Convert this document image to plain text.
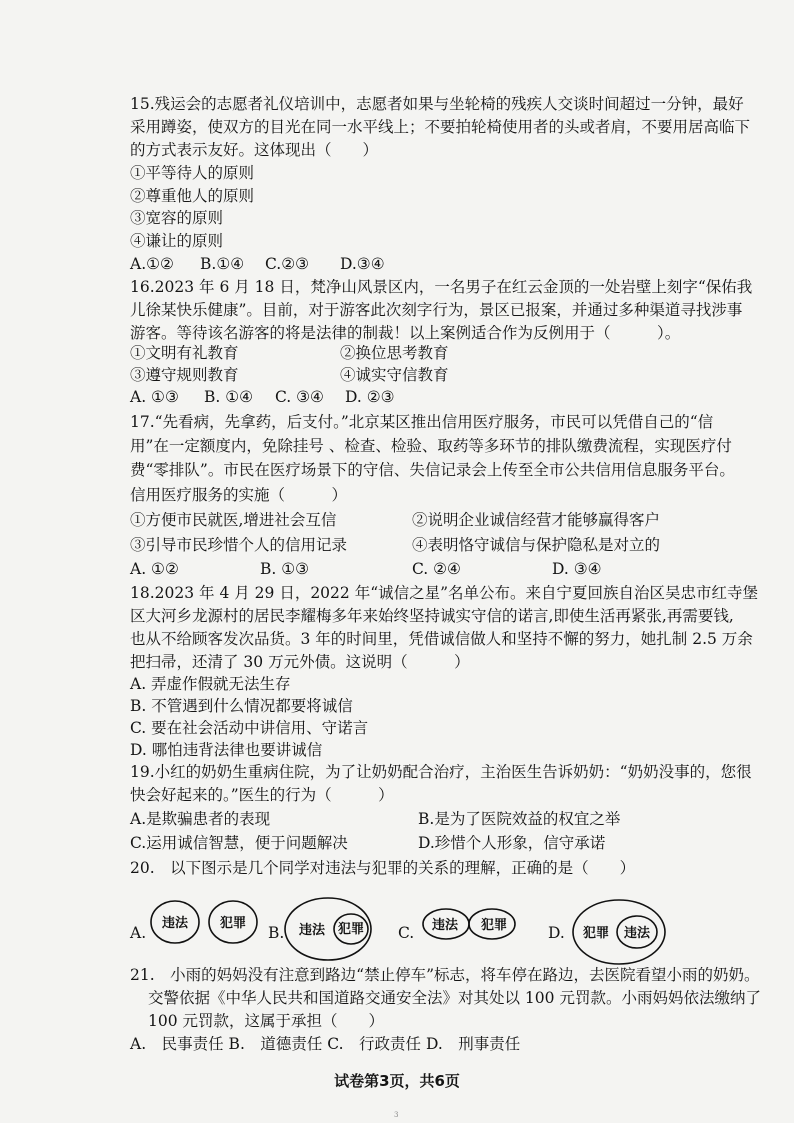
15.残运会的志愿者礼仪培训中，志愿者如果与坐轮椅的残疾人交谈时间超过一分钟，最好
采用蹲姿，使双方的目光在同一水平线上；不要拍轮椅使用者的头或者肩，不要用居高临下
的方式表示友好。这体现出（　　）
①平等待人的原则
②尊重他人的原则
③宽容的原则
④谦让的原则
A.①② B.①④ C.②③ D.③④
16.2023 年 6 月 18 日，梵净山风景区内，一名男子在红云金顶的一处岩壁上刻字“保佑我
儿徐某快乐健康”。目前，对于游客此次刻字行为，景区已报案，并通过多种渠道寻找涉事
游客。等待该名游客的将是法律的制裁！以上案例适合作为反例用于（　　　）。
①文明有礼教育	②换位思考教育
③遵守规则教育	④诚实守信教育
A. ①③ B. ①④ C. ③④ D. ②③
17.“先看病，先拿药，后支付。”北京某区推出信用医疗服务，市民可以凭借自己的“信
用”在一定额度内，免除挂号 、检查、检验、取药等多环节的排队缴费流程，实现医疗付
费“零排队”。市民在医疗场景下的守信、失信记录会上传至全市公共信用信息服务平台。
信用医疗服务的实施（　　　）
①方便市民就医,增进社会互信	②说明企业诚信经营才能够赢得客户
③引导市民珍惜个人的信用记录	④表明恪守诚信与保护隐私是对立的
A. ①②	B. ①③	C. ②④	D. ③④
18.2023 年 4 月 29 日，2022 年“诚信之星”名单公布。来自宁夏回族自治区吴忠市红寺堡
区大河乡龙源村的居民李耀梅多年来始终坚持诚实守信的诺言,即使生活再紧张,再需要钱,
也从不给顾客发次品货。3 年的时间里，凭借诚信做人和坚持不懈的努力，她扎制 2.5 万余
把扫帚，还清了 30 万元外债。这说明（　　　）
A. 弄虚作假就无法生存
B. 不管遇到什么情况都要将诚信
C. 要在社会活动中讲信用、守诺言
D. 哪怕违背法律也要讲诚信
19.小红的奶奶生重病住院，为了让奶奶配合治疗，主治医生告诉奶奶：“奶奶没事的，您很
快会好起来的。”医生的行为（　　　）
A.是欺骗患者的表现	B.是为了医院效益的权宜之举
C.运用诚信智慧，便于问题解决	D.珍惜个人形象，信守承诺
20.　以下图示是几个同学对违法与犯罪的关系的理解，正确的是（　　）
A.	B.	C.	D.
违法 犯罪	违法 犯罪	违法 犯罪
犯罪 违法
21.　小雨的妈妈没有注意到路边“禁止停车”标志，将车停在路边，去医院看望小雨的奶奶。
交警依据《中华人民共和国道路交通安全法》对其处以 100 元罚款。小雨妈妈依法缴纳了
100 元罚款，这属于承担（　　）
A.　民事责任 B.　道德责任 C.　行政责任 D.　刑事责任
试卷第3页，共6页
3
